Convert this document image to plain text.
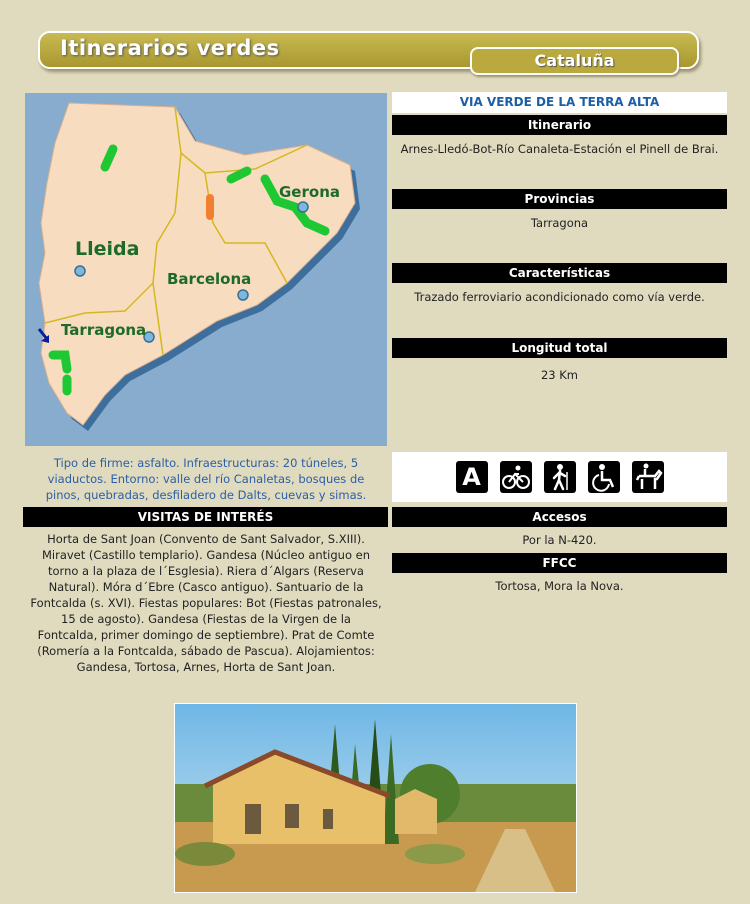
Itinerarios verdes
Cataluña
Lleida
Gerona
Barcelona
Tarragona
VIA VERDE DE LA TERRA ALTA
Itinerario
Arnes-Lledó-Bot-Río Canaleta-Estación el Pinell de Brai.
Provincias
Tarragona
Características
Trazado ferroviario acondicionado como vía verde.
Longitud total
23 Km
Tipo de firme: asfalto. Infraestructuras: 20 túneles, 5 viaductos. Entorno: valle del río Canaletas, bosques de pinos, quebradas, desfiladero de Dalts, cuevas y simas.
A
VISITAS DE INTERÉS
Horta de Sant Joan (Convento de Sant Salvador, S.XIII). Miravet (Castillo templario). Gandesa (Núcleo antiguo en torno a la plaza de l´Esglesia). Riera d´Algars (Reserva Natural). Móra d´Ebre (Casco antiguo). Santuario de la Fontcalda (s. XVI). Fiestas populares: Bot (Fiestas patronales, 15 de agosto). Gandesa (Fiestas de la Virgen de la Fontcalda, primer domingo de septiembre). Prat de Comte (Romería a la Fontcalda, sábado de Pascua). Alojamientos: Gandesa, Tortosa, Arnes, Horta de Sant Joan.
Accesos
Por la N-420.
FFCC
Tortosa, Mora la Nova.
